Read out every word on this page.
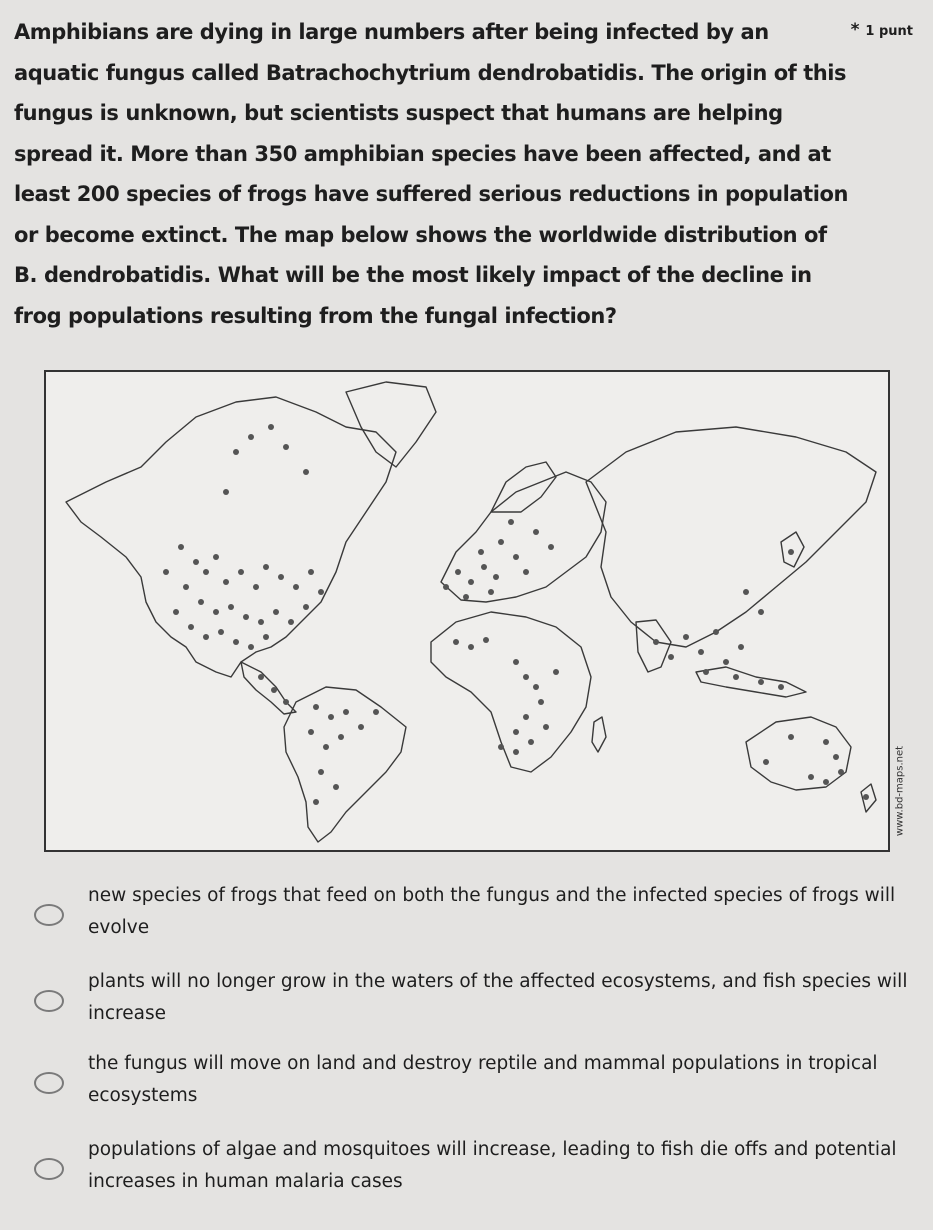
Amphibians are dying in large numbers after being infected by an aquatic fungus called Batrachochytrium dendrobatidis. The origin of this fungus is unknown, but scientists suspect that humans are helping spread it. More than 350 amphibian species have been affected, and at least 200 species of frogs have suffered serious reductions in population or become extinct. The map below shows the worldwide distribution of B. dendrobatidis. What will be the most likely impact of the decline in frog populations resulting from the fungal infection?

* 1 punt
www.bd-maps.net
new species of frogs that feed on both the fungus and the infected species of frogs will evolve
plants will no longer grow in the waters of the affected ecosystems, and fish species will increase
the fungus will move on land and destroy reptile and mammal populations in tropical ecosystems
populations of algae and mosquitoes will increase, leading to fish die offs and potential increases in human malaria cases
